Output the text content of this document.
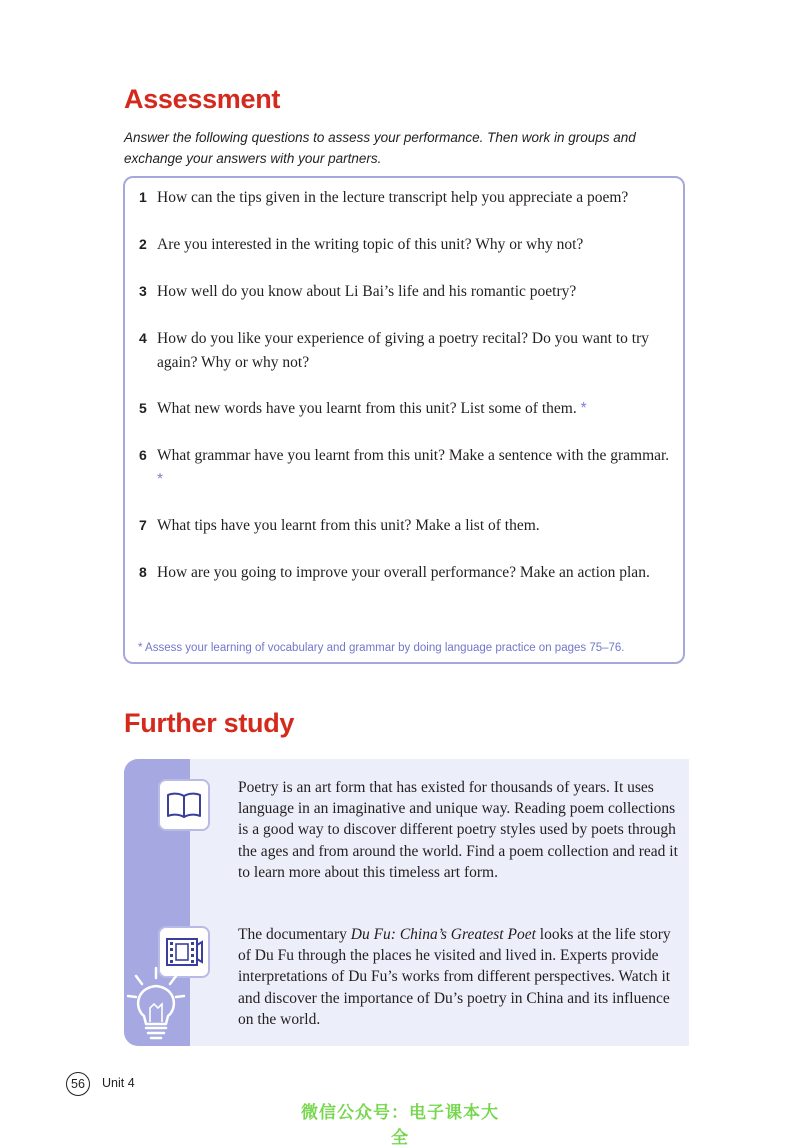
Assessment
Answer the following questions to assess your performance. Then work in groups and exchange your answers with your partners.
1 How can the tips given in the lecture transcript help you appreciate a poem?
2 Are you interested in the writing topic of this unit? Why or why not?
3 How well do you know about Li Bai’s life and his romantic poetry?
4 How do you like your experience of giving a poetry recital? Do you want to try again? Why or why not?
5 What new words have you learnt from this unit? List some of them. *
6 What grammar have you learnt from this unit? Make a sentence with the grammar. *
7 What tips have you learnt from this unit? Make a list of them.
8 How are you going to improve your overall performance? Make an action plan.
* Assess your learning of vocabulary and grammar by doing language practice on pages 75–76.
Further study
Poetry is an art form that has existed for thousands of years. It uses language in an imaginative and unique way. Reading poem collections is a good way to discover different poetry styles used by poets through the ages and from around the world. Find a poem collection and read it to learn more about this timeless art form.
The documentary Du Fu: China’s Greatest Poet looks at the life story of Du Fu through the places he visited and lived in. Experts provide interpretations of Du Fu’s works from different perspectives. Watch it and discover the importance of Du’s poetry in China and its influence on the world.
56	Unit 4
微信公众号：电子课本大全
